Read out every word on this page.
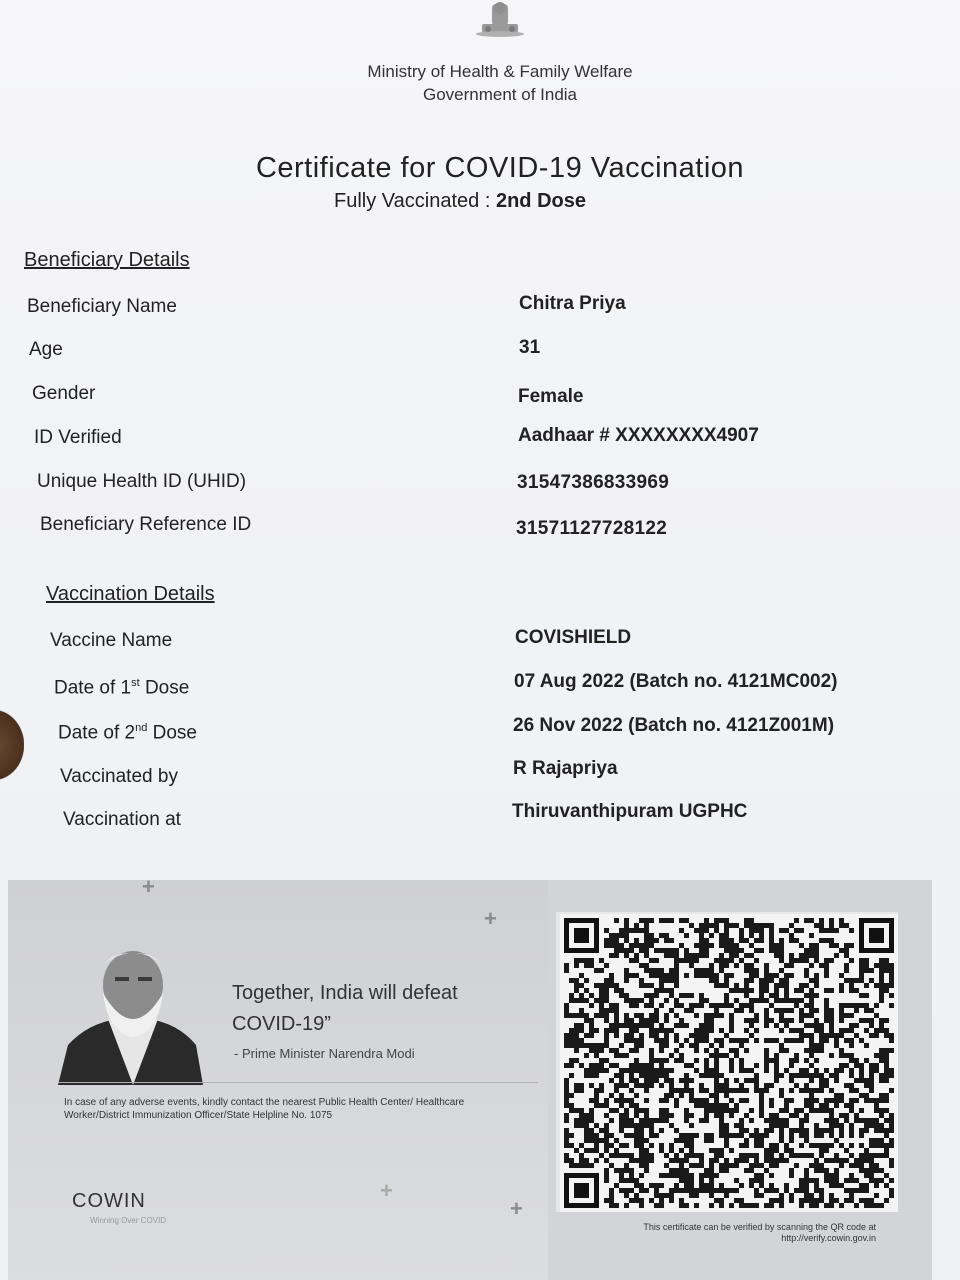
Ministry of Health & Family Welfare
Government of India
Certificate for COVID-19 Vaccination
Fully Vaccinated : 2nd Dose
Beneficiary Details
Beneficiary Name	Chitra Priya
Age	31
Gender	Female
ID Verified	Aadhaar # XXXXXXXX4907
Unique Health ID (UHID)	31547386833969
Beneficiary Reference ID	31571127728122
Vaccination Details
Vaccine Name	COVISHIELD
Date of 1st Dose	07 Aug 2022 (Batch no. 4121MC002)
Date of 2nd Dose	26 Nov 2022 (Batch no. 4121Z001M)
Vaccinated by	R Rajapriya
Vaccination at	Thiruvanthipuram UGPHC
+
+
+
+
Together, India will defeat COVID-19”
- Prime Minister Narendra Modi
In case of any adverse events, kindly contact the nearest Public Health Center/ Healthcare Worker/District Immunization Officer/State Helpline No. 1075
COWIN
Winning Over COVID
This certificate can be verified by scanning the QR code at
http://verify.cowin.gov.in
